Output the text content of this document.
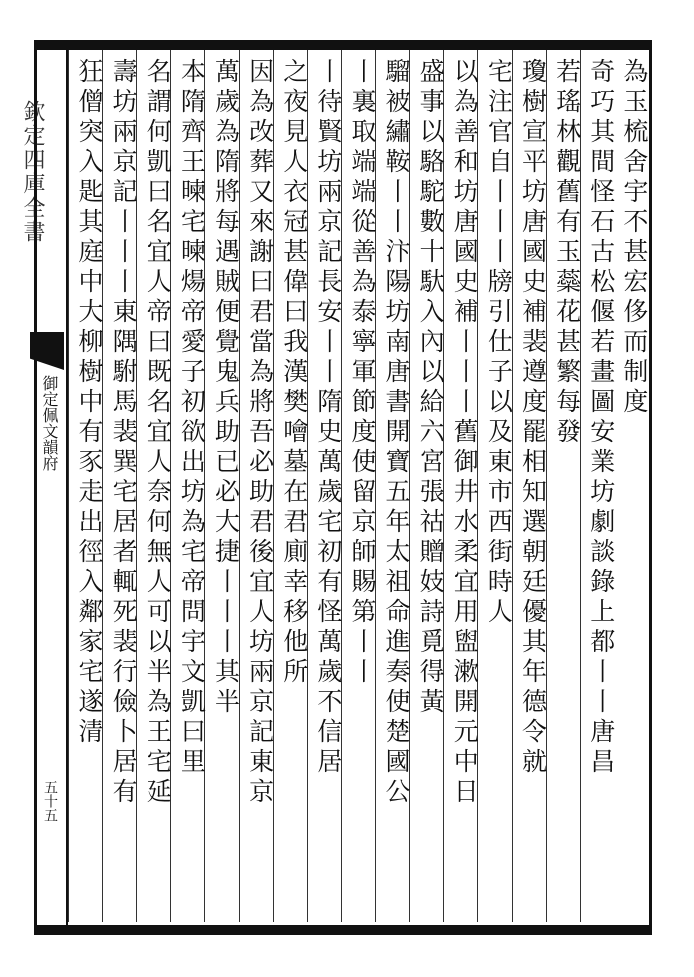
欽定四庫全書
御定佩文韻府
五十五
為玉梳舍宇不甚宏侈而制度
奇巧其間怪石古松偃若畫圖安業坊劇談錄上都丨丨唐昌
若瑤林觀舊有玉蘂花甚繁每發
瓊樹宣平坊唐國史補裴遵度罷相知選朝廷優其年德令就
宅注官自丨丨丨牓引仕子以及東市西街時人
以為善和坊唐國史補丨丨丨舊御井水柔宜用盥漱開元中日
盛事以駱駝數十馱入內以給六宮張祜贈妓詩覓得黃
騮被繡鞍丨丨汴陽坊南唐書開寶五年太祖命進奏使楚國公
丨裏取端端從善為泰寧軍節度使留京師賜第丨丨
丨待賢坊兩京記長安丨丨隋史萬歲宅初有怪萬歲不信居
之夜見人衣冠甚偉曰我漢樊噲墓在君廁幸移他所
因為改葬又來謝曰君當為將吾必助君後宜人坊兩京記東京
萬歲為隋將每遇賊便覺鬼兵助已必大捷丨丨丨其半
本隋齊王暕宅暕煬帝愛子初欲出坊為宅帝問宇文凱曰里
名謂何凱曰名宜人帝曰既名宜人奈何無人可以半為王宅延
壽坊兩京記丨丨丨東隅駙馬裴巽宅居者輒死裴行儉卜居有
狂僧突入匙其庭中大柳樹中有豕走出徑入鄰家宅遂清
